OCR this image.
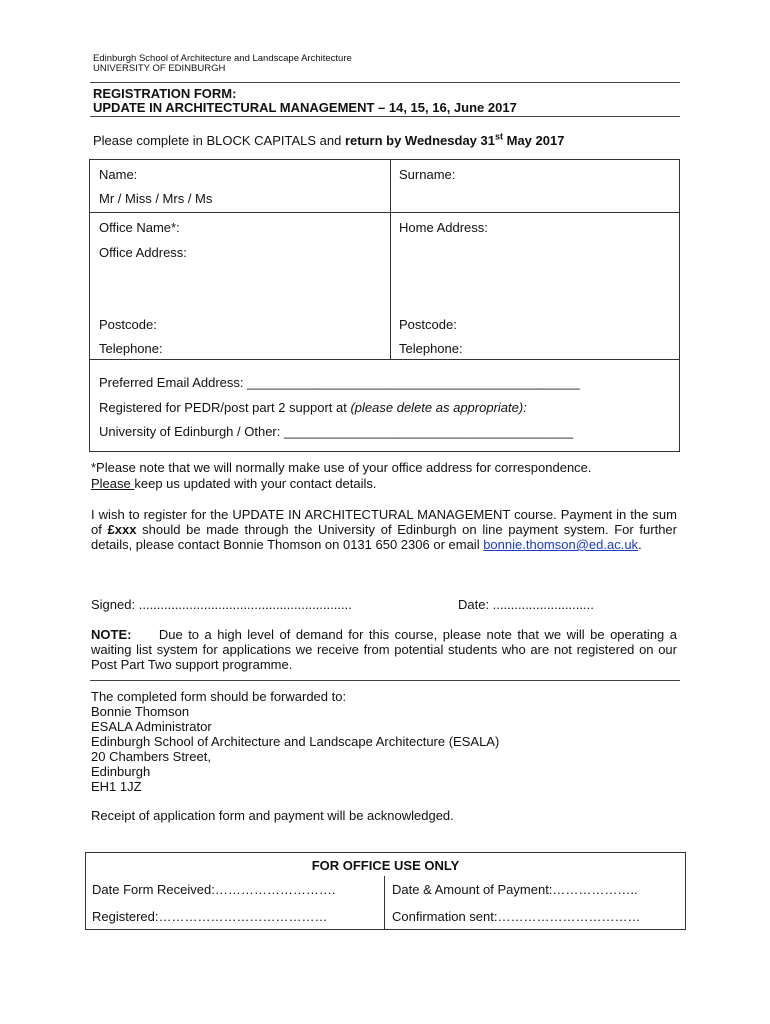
Edinburgh School of Architecture and Landscape Architecture
UNIVERSITY OF EDINBURGH
REGISTRATION FORM:
UPDATE IN ARCHITECTURAL MANAGEMENT – 14, 15, 16, June 2017
Please complete in BLOCK CAPITALS and return by Wednesday 31st May 2017
Name:	Surname:
Mr / Miss / Mrs / Ms
Office Name*:	Home Address:
Office Address:
Postcode:	Postcode:
Telephone:	Telephone:
Preferred Email Address: ______________________________________________
Registered for PEDR/post part 2 support at (please delete as appropriate):
University of Edinburgh / Other: ________________________________________
*Please note that we will normally make use of your office address for correspondence.
Please keep us updated with your contact details.
I wish to register for the UPDATE IN ARCHITECTURAL MANAGEMENT course. Payment in the sum of £xxx should be made through the University of Edinburgh on line payment system. For further details, please contact Bonnie Thomson on 0131 650 2306 or email bonnie.thomson@ed.ac.uk.
Signed: ...........................................................	Date: ............................
NOTE: Due to a high level of demand for this course, please note that we will be operating a waiting list system for applications we receive from potential students who are not registered on our Post Part Two support programme.
The completed form should be forwarded to:
Bonnie Thomson
ESALA Administrator
Edinburgh School of Architecture and Landscape Architecture (ESALA)
20 Chambers Street,
Edinburgh
EH1 1JZ
Receipt of application form and payment will be acknowledged.
FOR OFFICE USE ONLY
Date Form Received:……………………….	Date & Amount of Payment:………………..
Registered:…………………………………	Confirmation sent:……………………………
